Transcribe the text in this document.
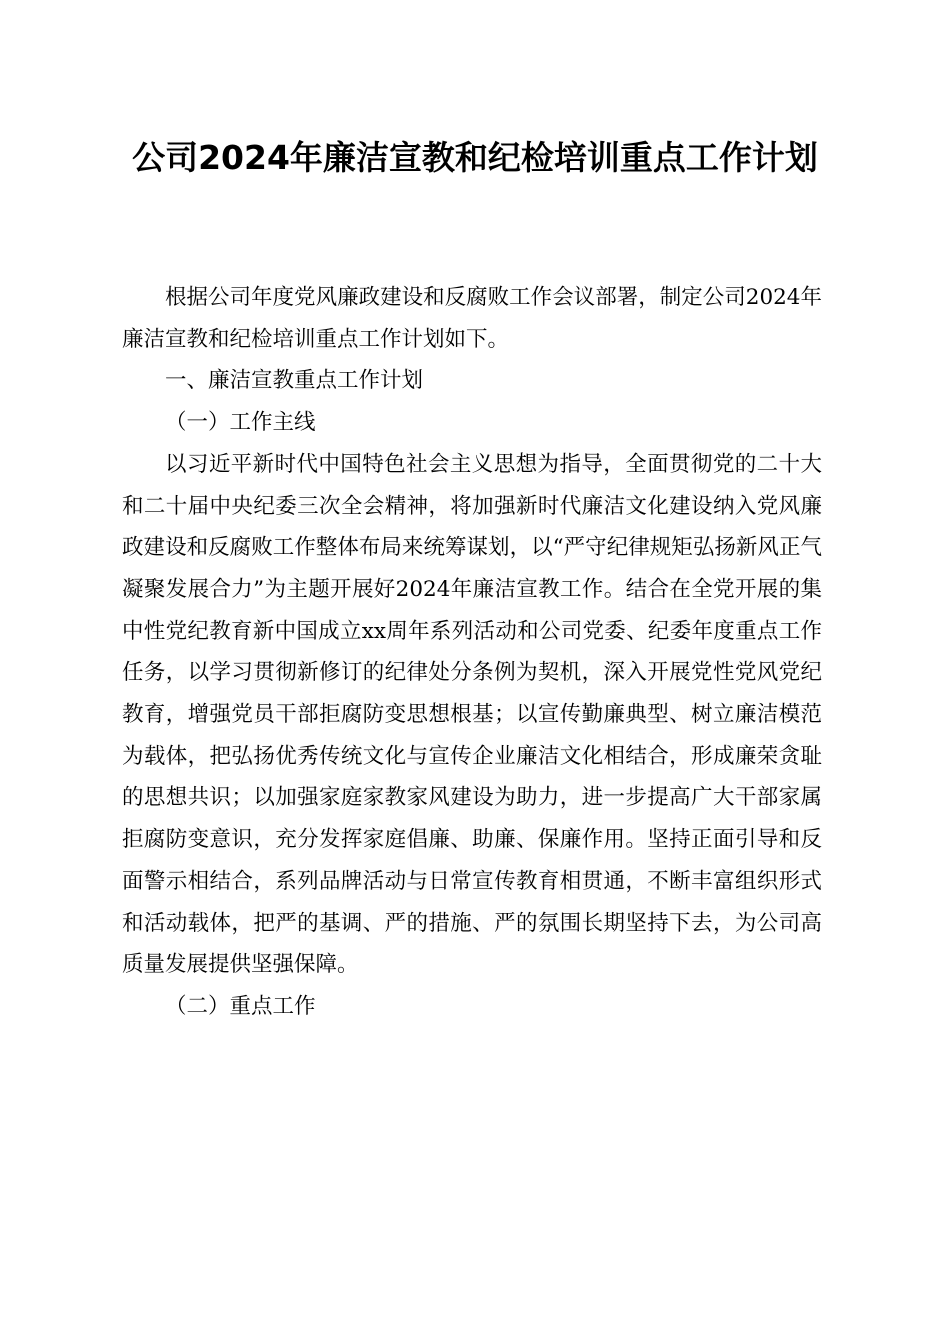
公司2024年廉洁宣教和纪检培训重点工作计划

根据公司年度党风廉政建设和反腐败工作会议部署，制定公司2024年廉洁宣教和纪检培训重点工作计划如下。

一、廉洁宣教重点工作计划

（一）工作主线

以习近平新时代中国特色社会主义思想为指导，全面贯彻党的二十大和二十届中央纪委三次全会精神，将加强新时代廉洁文化建设纳入党风廉政建设和反腐败工作整体布局来统筹谋划，以“严守纪律规矩弘扬新风正气凝聚发展合力”为主题开展好2024年廉洁宣教工作。结合在全党开展的集中性党纪教育新中国成立xx周年系列活动和公司党委、纪委年度重点工作任务，以学习贯彻新修订的纪律处分条例为契机，深入开展党性党风党纪教育，增强党员干部拒腐防变思想根基；以宣传勤廉典型、树立廉洁模范为载体，把弘扬优秀传统文化与宣传企业廉洁文化相结合，形成廉荣贪耻的思想共识；以加强家庭家教家风建设为助力，进一步提高广大干部家属拒腐防变意识，充分发挥家庭倡廉、助廉、保廉作用。坚持正面引导和反面警示相结合，系列品牌活动与日常宣传教育相贯通，不断丰富组织形式和活动载体，把严的基调、严的措施、严的氛围长期坚持下去，为公司高质量发展提供坚强保障。

（二）重点工作
